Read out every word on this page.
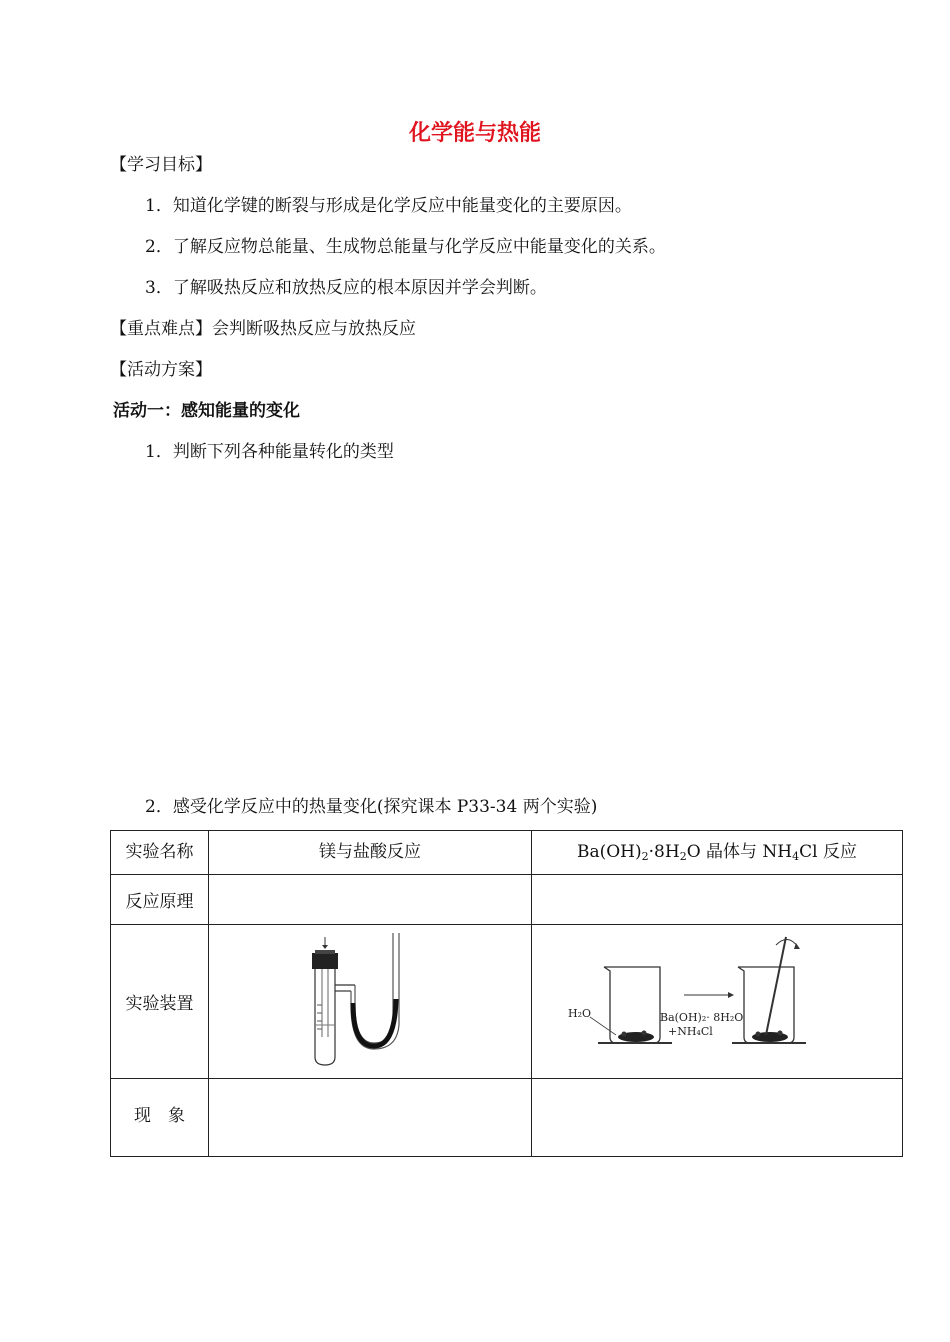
化学能与热能
【学习目标】
1．知道化学键的断裂与形成是化学反应中能量变化的主要原因。
2．了解反应物总能量、生成物总能量与化学反应中能量变化的关系。
3．了解吸热反应和放热反应的根本原因并学会判断。
【重点难点】会判断吸热反应与放热反应
【活动方案】
活动一：感知能量的变化
1．判断下列各种能量转化的类型
2．感受化学反应中的热量变化(探究课本 P33-34 两个实验)
实验名称	镁与盐酸反应	Ba(OH)2·8H2O 晶体与 NH4Cl 反应
反应原理		
实验装置		H₂O Ba(OH)₂· 8H₂O
+NH₄Cl

现　象		
